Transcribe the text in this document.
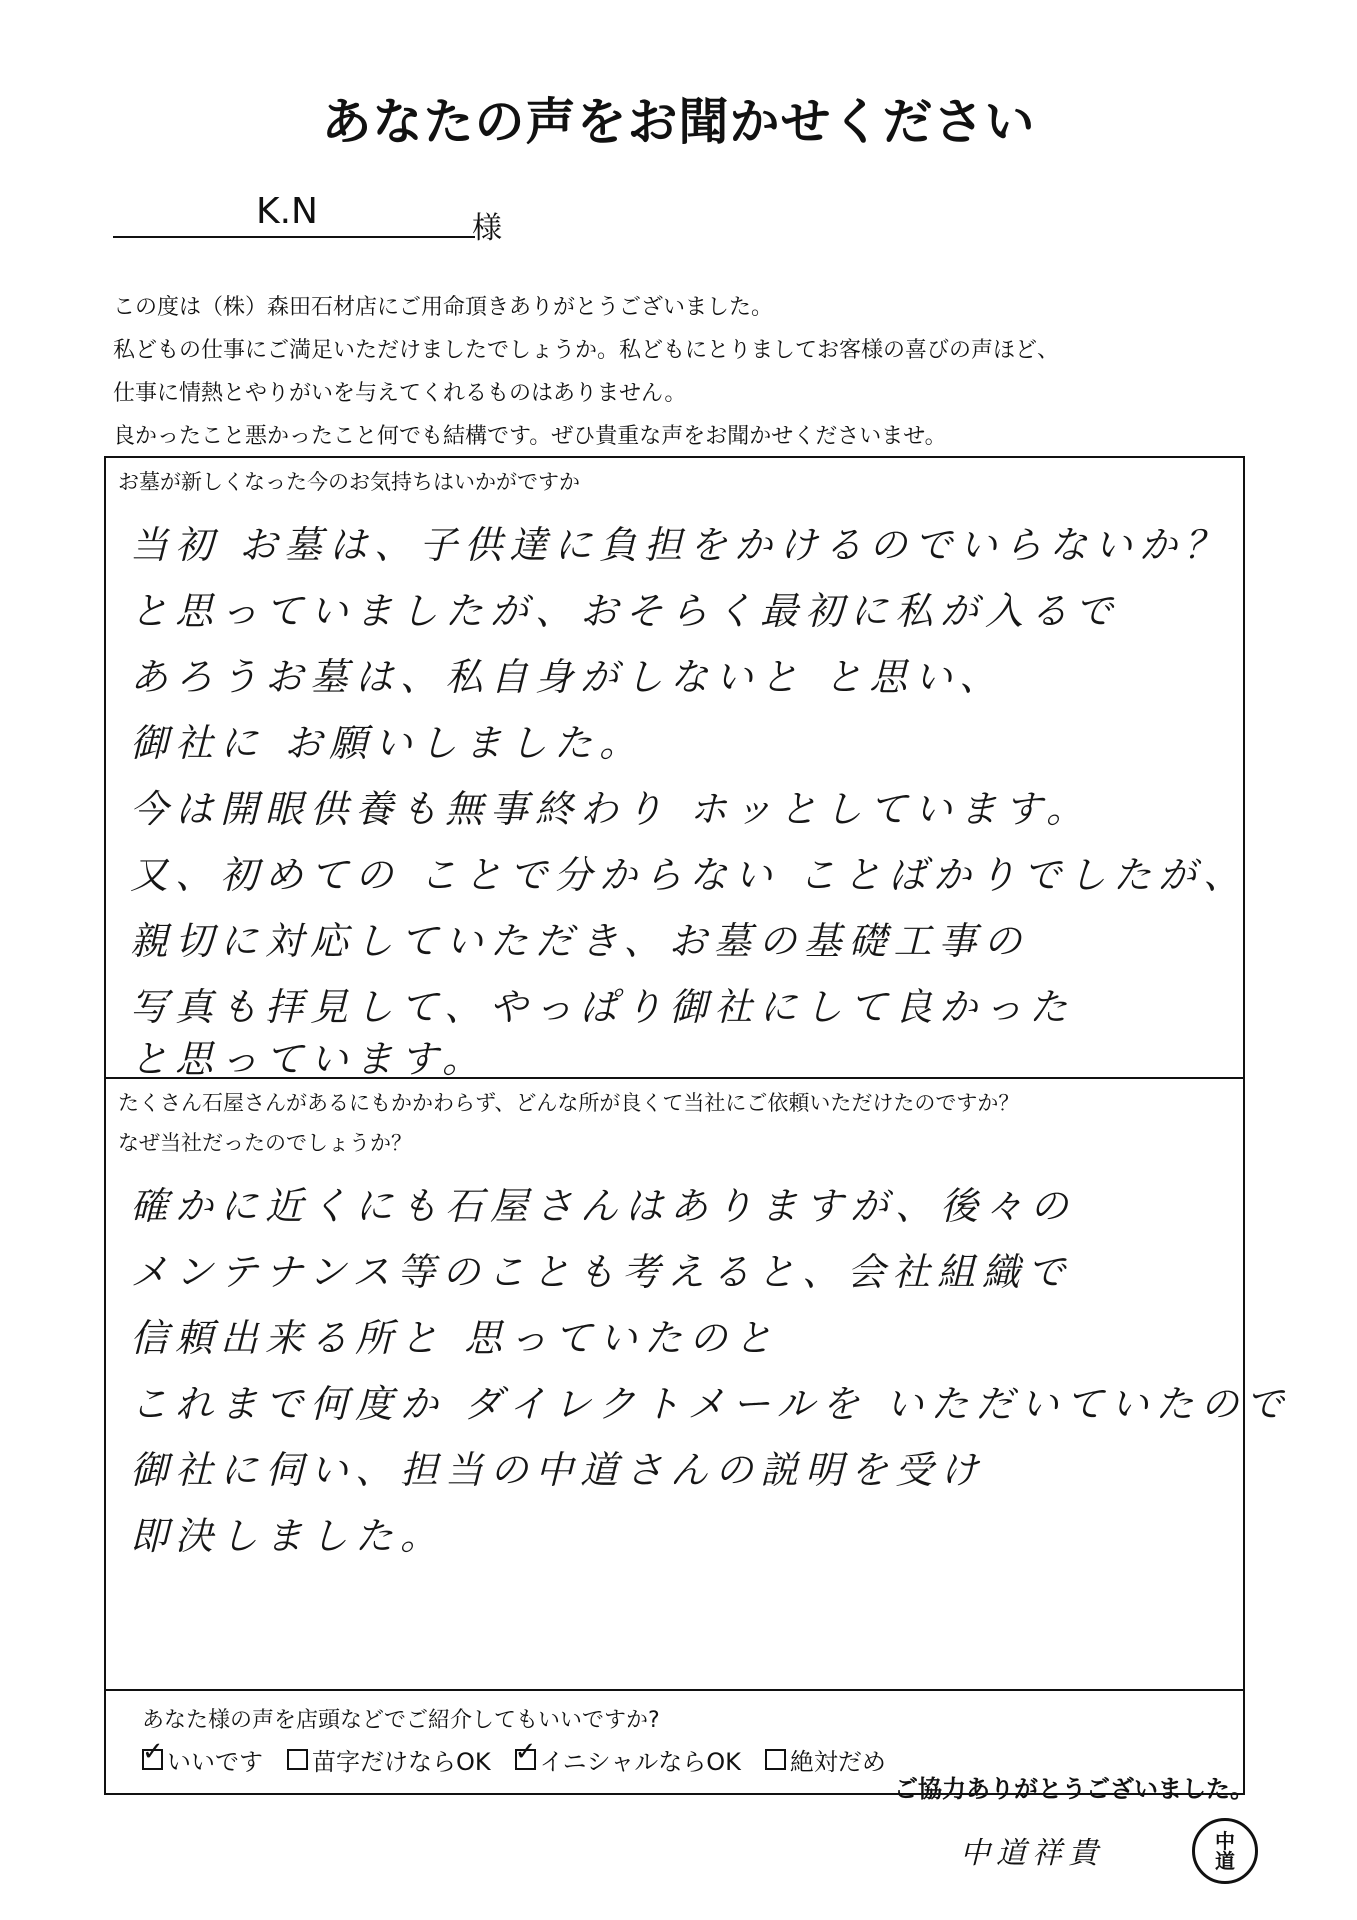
あなたの声をお聞かせください
K.N	様
この度は（株）森田石材店にご用命頂きありがとうございました。
私どもの仕事にご満足いただけましたでしょうか。私どもにとりましてお客様の喜びの声ほど、
仕事に情熱とやりがいを与えてくれるものはありません。
良かったこと悪かったこと何でも結構です。ぜひ貴重な声をお聞かせくださいませ。
お墓が新しくなった今のお気持ちはいかがですか
当初 お墓は、子供達に負担をかけるのでいらないか？
と思っていましたが、おそらく最初に私が入るで
あろうお墓は、私自身がしないと と思い、
御社に お願いしました。
今は開眼供養も無事終わり ホッとしています。
又、初めての ことで分からない ことばかりでしたが、
親切に対応していただき、お墓の基礎工事の
写真も拝見して、やっぱり御社にして良かった
と思っています。
たくさん石屋さんがあるにもかかわらず、どんな所が良くて当社にご依頼いただけたのですか？
なぜ当社だったのでしょうか？
確かに近くにも石屋さんはありますが、後々の
メンテナンス等のことも考えると、会社組織で
信頼出来る所と 思っていたのと
これまで何度か ダイレクトメールを いただいていたので
御社に伺い、担当の中道さんの説明を受け
即決しました。
あなた様の声を店頭などでご紹介してもいいですか?
✓
いいです 苗字だけならOK
✓ イニシャルならOK 絶対だめ
ご協力ありがとうございました。
中道祥貴	中
道
